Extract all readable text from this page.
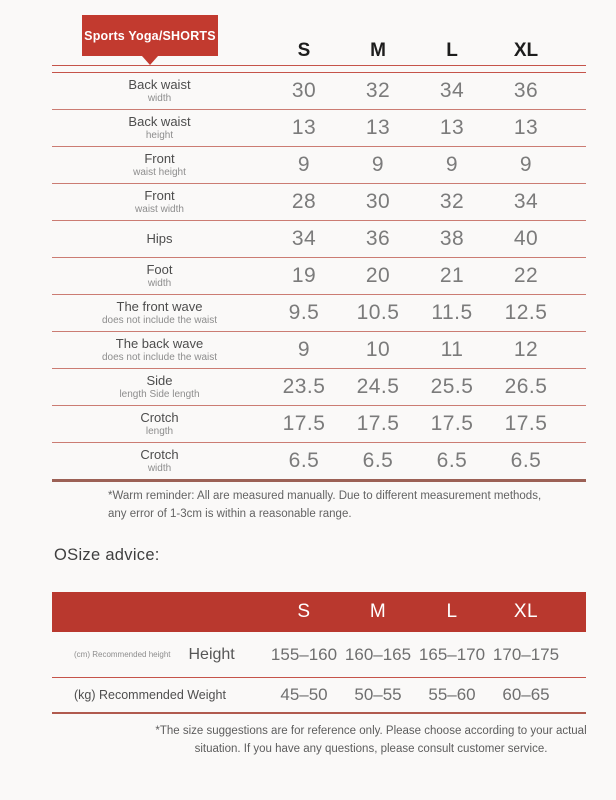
Sports Yoga/SHORTS
S	M	L	XL
Back waist
width	30	32	34	36
Back waist
height	13	13	13	13
Front
waist height	9	9	9	9
Front
waist width	28	30	32	34
Hips	34	36	38	40
Foot
width	19	20	21	22
The front wave
does not include the waist	9.5	10.5	11.5	12.5
The back wave
does not include the waist	9	10	11	12
Side
length Side length	23.5	24.5	25.5	26.5
Crotch
length	17.5	17.5	17.5	17.5
Crotch
width	6.5	6.5	6.5	6.5
*Warm reminder: All are measured manually. Due to different measurement methods, any error of 1-3cm is within a reasonable range.
OSize advice:
S	M	L	XL
(cm) Recommended height Height 155–160 160–165 165–170 170–175
(kg) Recommended Weight	45–50	50–55	55–60	60–65
*The size suggestions are for reference only. Please choose according to your actual situation. If you have any questions, please consult customer service.
